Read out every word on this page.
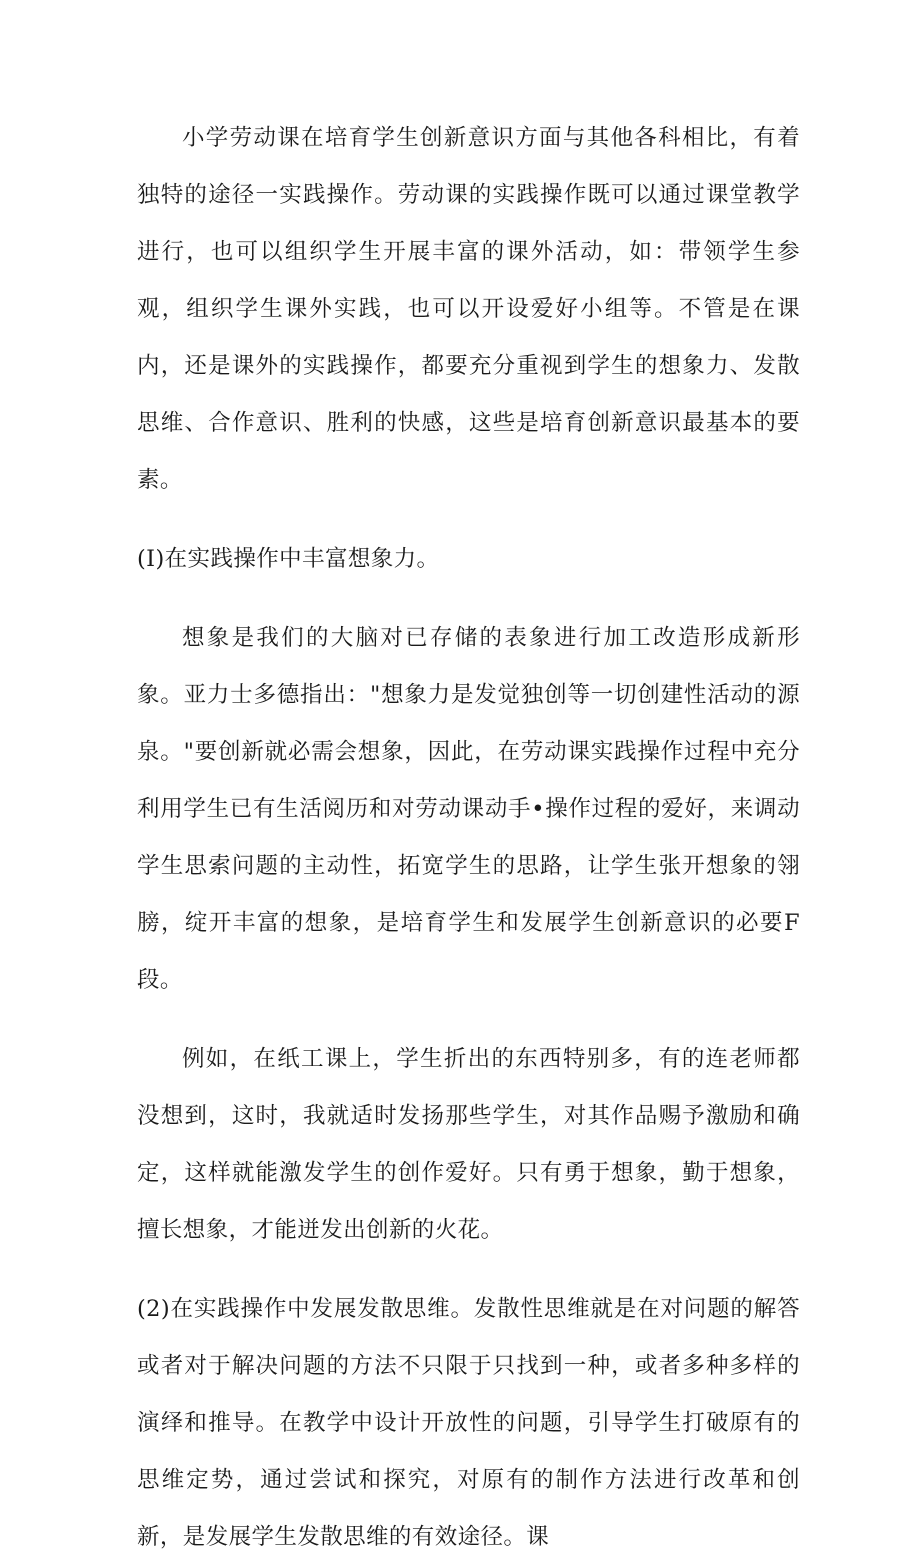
小学劳动课在培育学生创新意识方面与其他各科相比，有着独特的途径一实践操作。劳动课的实践操作既可以通过课堂教学进行，也可以组织学生开展丰富的课外活动，如：带领学生参观，组织学生课外实践，也可以开设爱好小组等。不管是在课内，还是课外的实践操作，都要充分重视到学生的想象力、发散思维、合作意识、胜利的快感，这些是培育创新意识最基本的要素。

(I)在实践操作中丰富想象力。

想象是我们的大脑对已存储的表象进行加工改造形成新形象。亚力士多德指出："想象力是发觉独创等一切创建性活动的源泉。"要创新就必需会想象，因此，在劳动课实践操作过程中充分利用学生已有生活阅历和对劳动课动手•操作过程的爱好，来调动学生思索问题的主动性，拓宽学生的思路，让学生张开想象的翎膀，绽开丰富的想象，是培育学生和发展学生创新意识的必要F段。

例如，在纸工课上，学生折出的东西特别多，有的连老师都没想到，这时，我就适时发扬那些学生，对其作品赐予激励和确定，这样就能激发学生的创作爱好。只有勇于想象，勤于想象，擅长想象，才能迸发出创新的火花。

(2)在实践操作中发展发散思维。发散性思维就是在对问题的解答或者对于解决问题的方法不只限于只找到一种，或者多种多样的演绎和推导。在教学中设计开放性的问题，引导学生打破原有的思维定势，通过尝试和探究，对原有的制作方法进行改革和创新，是发展学生发散思维的有效途径。课
